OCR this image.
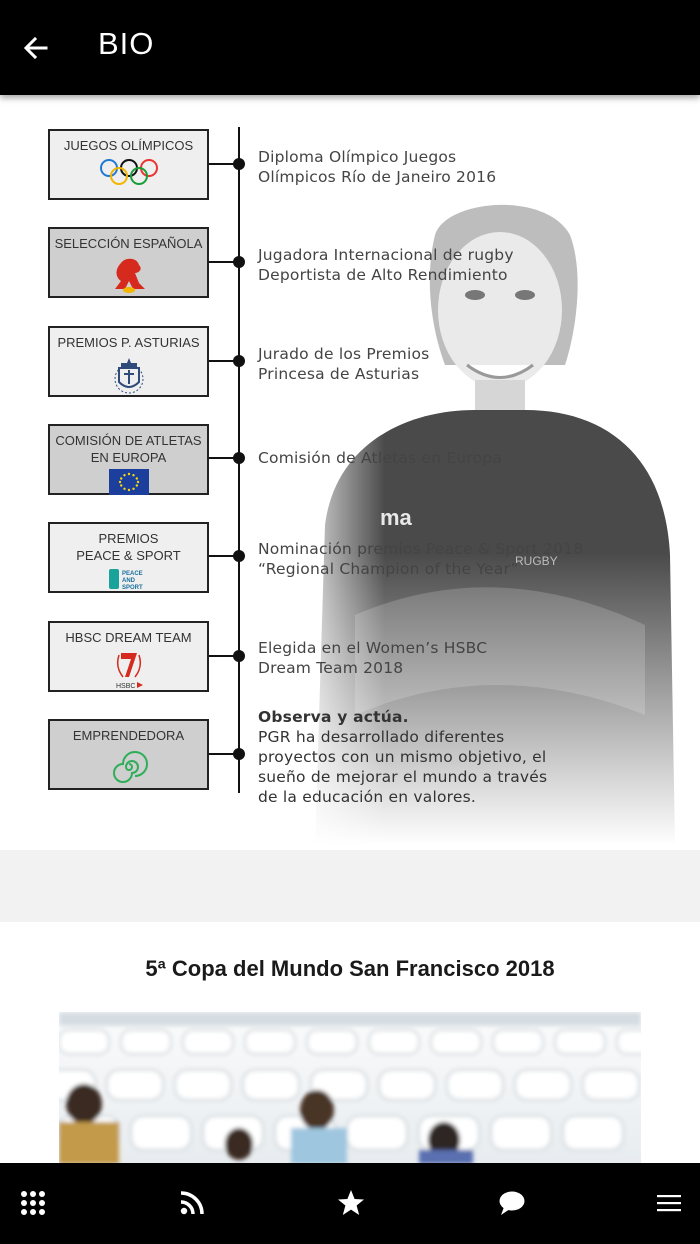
BIO
JUEGOS OLÍMPICOS
Diploma Olímpico Juegos
Olímpicos Río de Janeiro 2016
SELECCIÓN ESPAÑOLA
Jugadora Internacional de rugby
Deportista de Alto Rendimiento
PREMIOS P. ASTURIAS
Jurado de los Premios
Princesa de Asturias
COMISIÓN DE ATLETAS
EN EUROPA	Comisión de Atletas en Europa
PREMIOS
PEACE & SPORT
PEACE
AND
SPORT
Nominación premios Peace & Sport 2018
“Regional Champion of the Year”
HBSC DREAM TEAM
HSBC
Elegida en el Women’s HSBC
Dream Team 2018
EMPRENDEDORA
Observa y actúa.
PGR ha desarrollado diferentes
proyectos con un mismo objetivo, el
sueño de mejorar el mundo a través
de la educación en valores.
5ª Copa del Mundo San Francisco 2018
